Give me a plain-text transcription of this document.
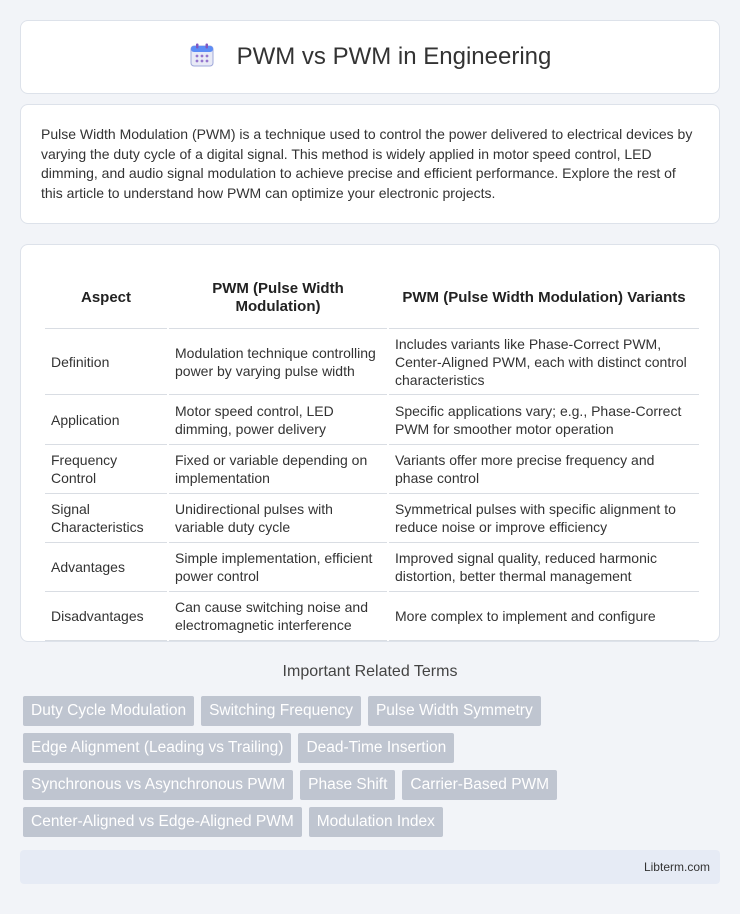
PWM vs PWM in Engineering

Pulse Width Modulation (PWM) is a technique used to control the power delivered to electrical devices by varying the duty cycle of a digital signal. This method is widely applied in motor speed control, LED dimming, and audio signal modulation to achieve precise and efficient performance. Explore the rest of this article to understand how PWM can optimize your electronic projects.

Aspect	PWM (Pulse Width Modulation)	PWM (Pulse Width Modulation) Variants
Definition	Modulation technique controlling power by varying pulse width	Includes variants like Phase-Correct PWM, Center-Aligned PWM, each with distinct control characteristics
Application	Motor speed control, LED dimming, power delivery	Specific applications vary; e.g., Phase-Correct PWM for smoother motor operation
Frequency Control	Fixed or variable depending on implementation	Variants offer more precise frequency and phase control
Signal Characteristics	Unidirectional pulses with variable duty cycle	Symmetrical pulses with specific alignment to reduce noise or improve efficiency
Advantages	Simple implementation, efficient power control	Improved signal quality, reduced harmonic distortion, better thermal management
Disadvantages	Can cause switching noise and electromagnetic interference	More complex to implement and configure
Important Related Terms
Duty Cycle Modulation	Switching Frequency	Pulse Width Symmetry
Edge Alignment (Leading vs Trailing)	Dead-Time Insertion
Synchronous vs Asynchronous PWM	Phase Shift	Carrier-Based PWM
Center-Aligned vs Edge-Aligned PWM	Modulation Index
Libterm.com
